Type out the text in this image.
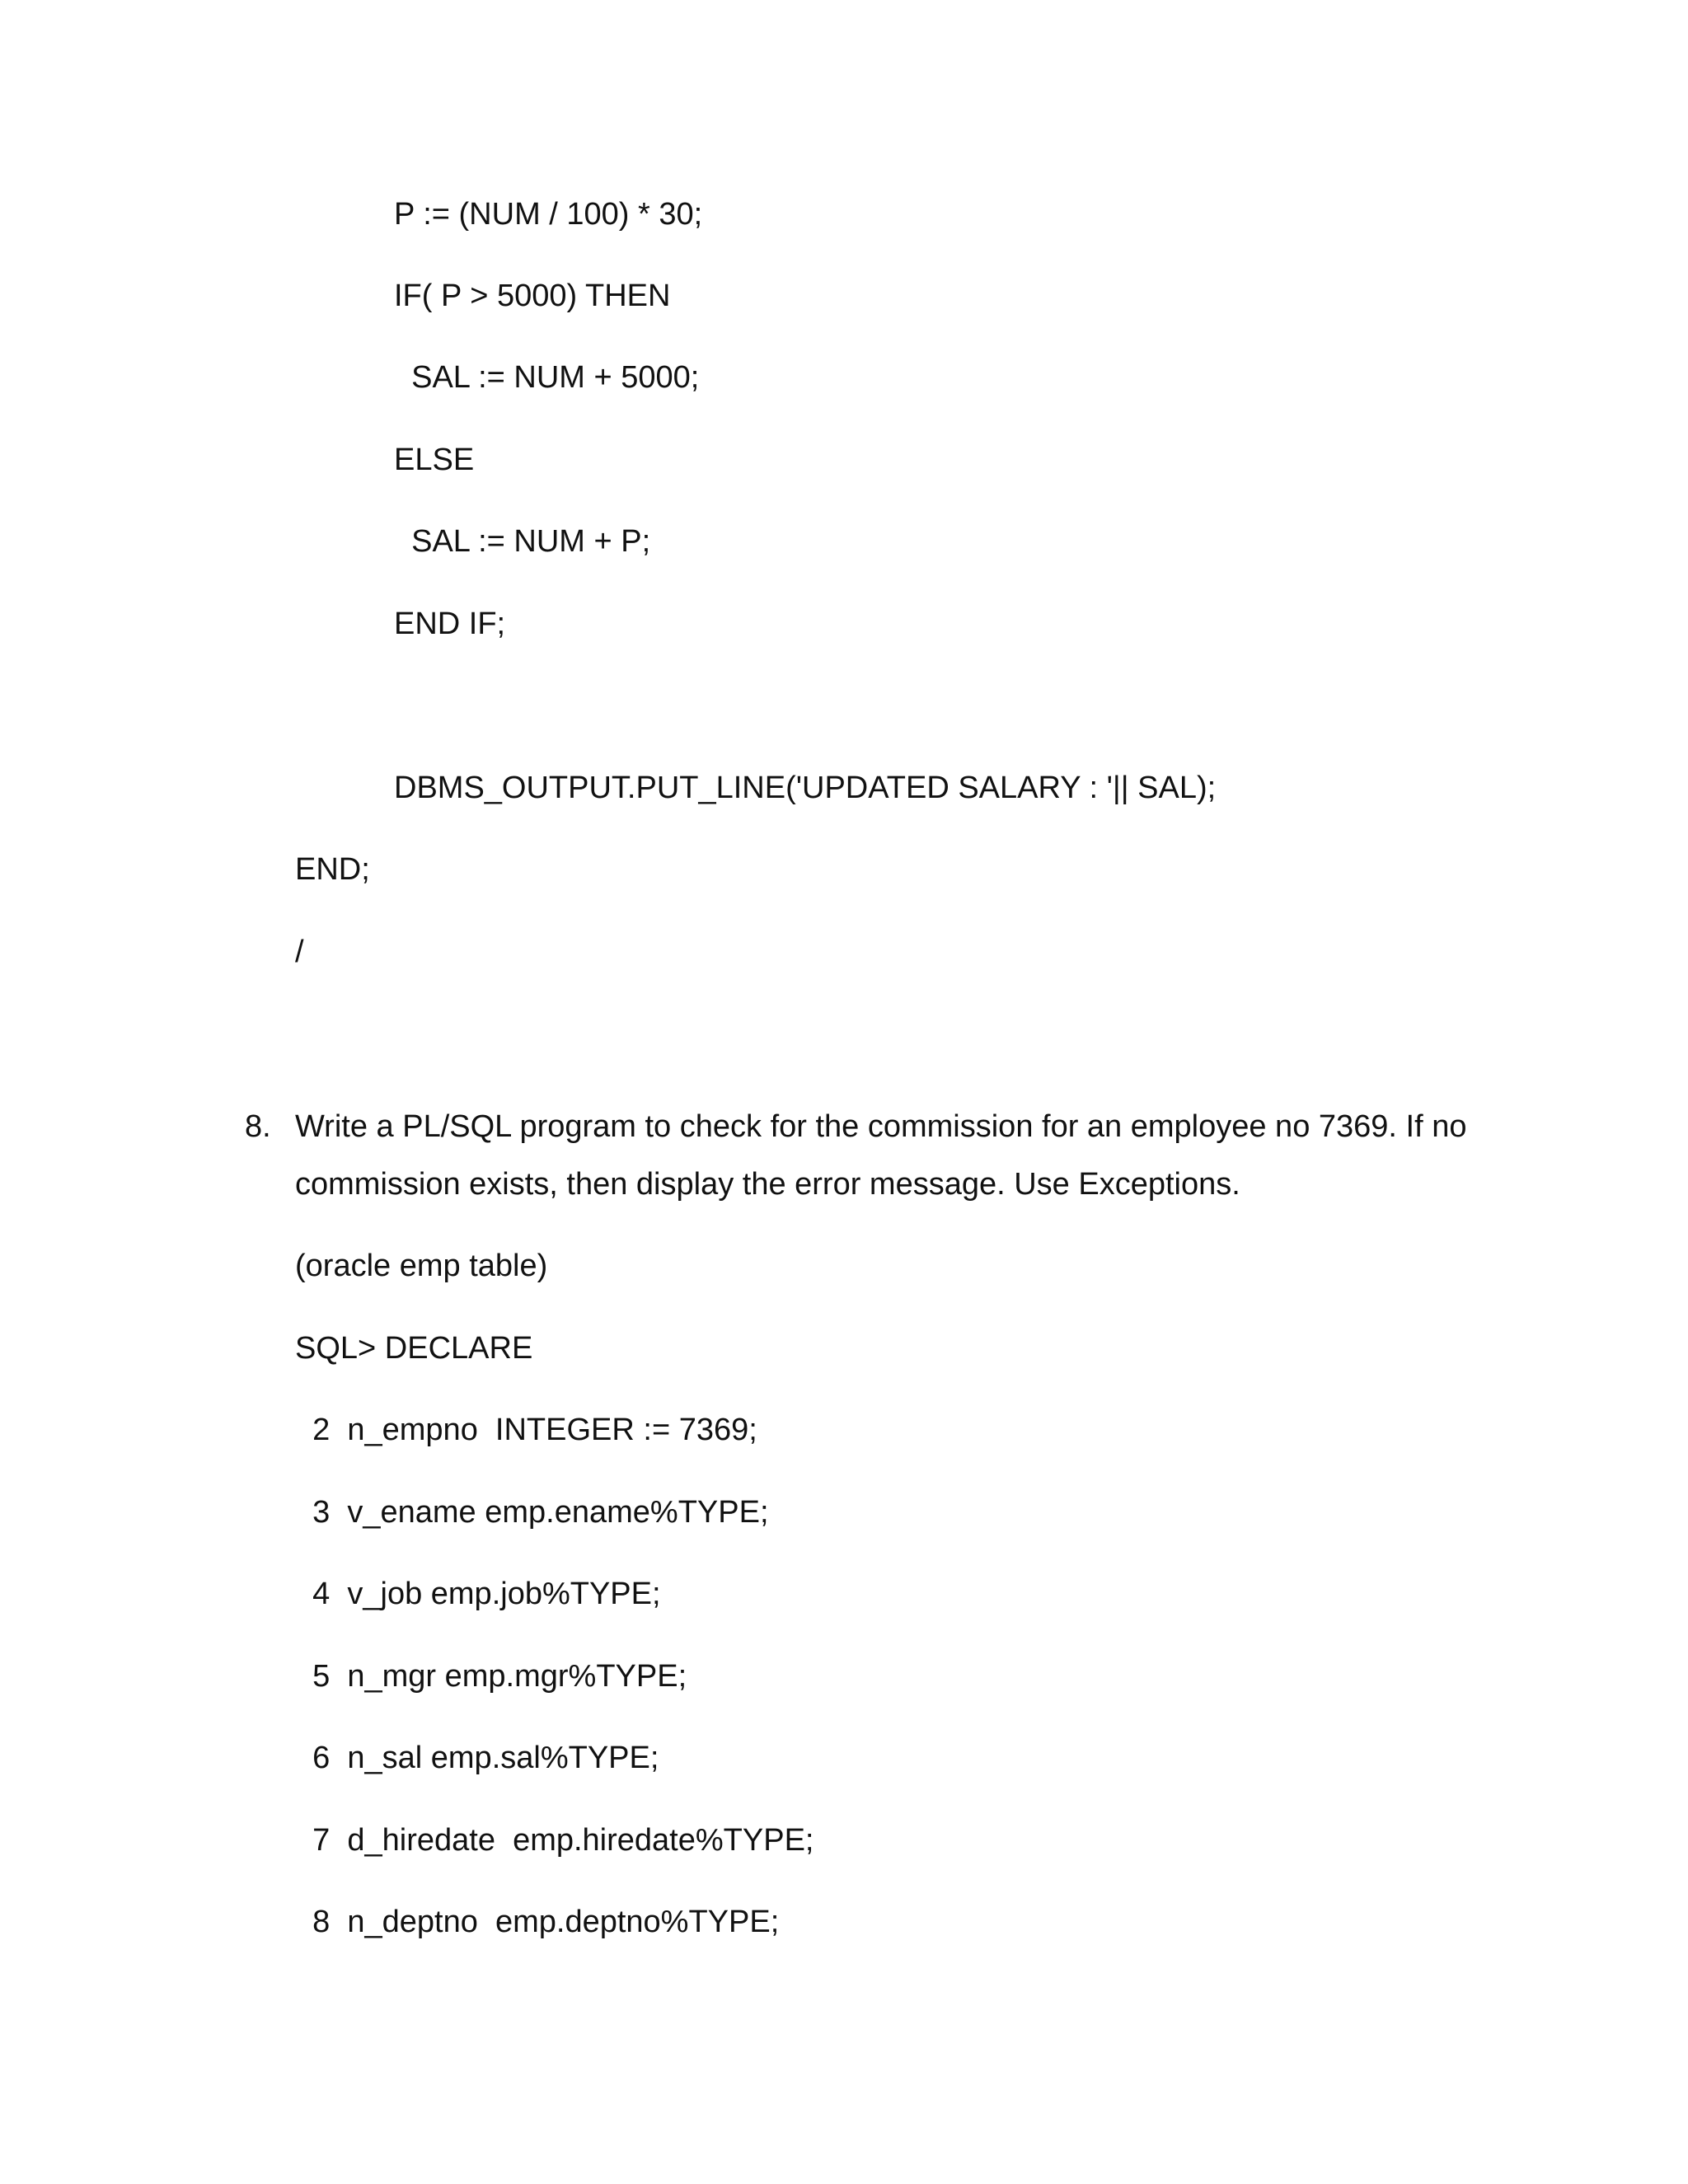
P := (NUM / 100) * 30;
IF( P > 5000) THEN
SAL := NUM + 5000;
ELSE
SAL := NUM + P;
END IF;
DBMS_OUTPUT.PUT_LINE('UPDATED SALARY : '|| SAL);
END;
/
8. Write a PL/SQL program to check for the commission for an employee no 7369. If no
commission exists, then display the error message. Use Exceptions.
(oracle emp table)
SQL> DECLARE
2  n_empno  INTEGER := 7369;
3  v_ename emp.ename%TYPE;
4  v_job emp.job%TYPE;
5  n_mgr emp.mgr%TYPE;
6  n_sal emp.sal%TYPE;
7  d_hiredate  emp.hiredate%TYPE;
8  n_deptno  emp.deptno%TYPE;
